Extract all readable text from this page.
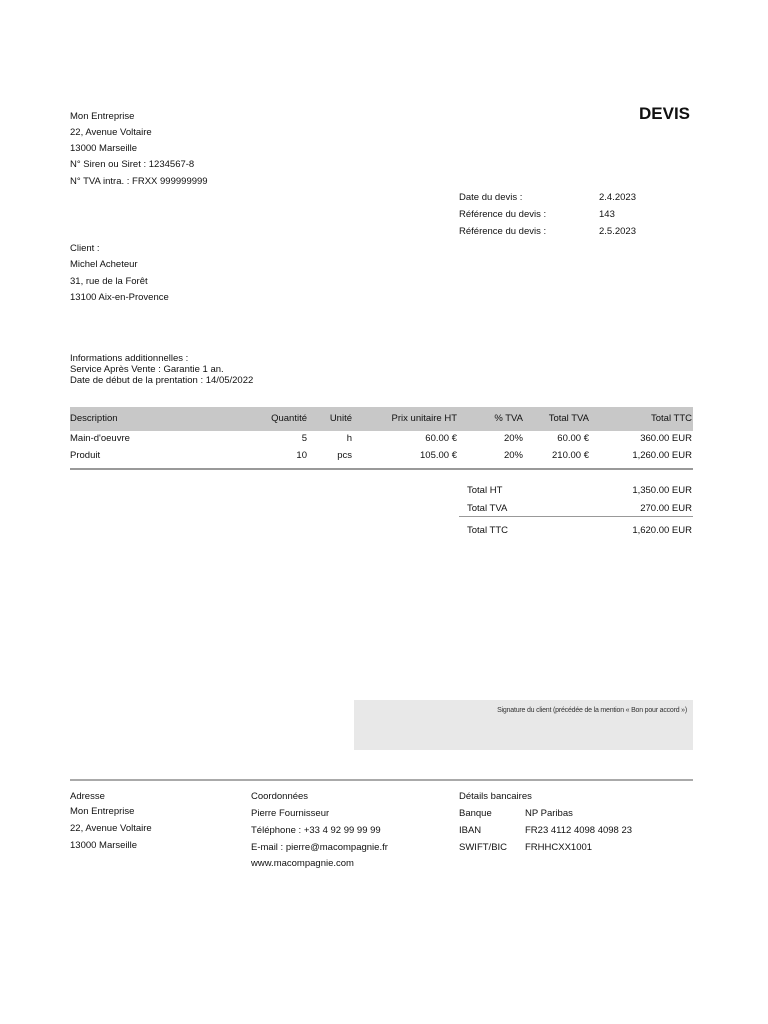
DEVIS
Mon Entreprise
22, Avenue Voltaire
13000 Marseille
N° Siren ou Siret : 1234567-8
N° TVA intra. : FRXX 999999999
Date du devis :	2.4.2023
Référence du devis :	143
Référence du devis :	2.5.2023
Client :
Michel Acheteur
31, rue de la Forêt
13100 Aix-en-Provence
Informations additionnelles :
Service Après Vente : Garantie 1 an.
Date de début de la prentation : 14/05/2022
Description	Quantité	Unité	Prix unitaire HT	% TVA	Total TVA	Total TTC
Main-d'oeuvre	5	h	60.00 €	20%	60.00 €	360.00 EUR
Produit	10	pcs	105.00 €	20%	210.00 €	1,260.00 EUR
Total HT	1,350.00 EUR
Total TVA	270.00 EUR
Total TTC	1,620.00 EUR
Signature du client (précédée de la mention « Bon pour accord »)
Adresse
Mon Entreprise
22, Avenue Voltaire
13000 Marseille
Coordonnées
Pierre Fournisseur
Téléphone : +33 4 92 99 99 99
E-mail : pierre@macompagnie.fr
www.macompagnie.com
Détails bancaires
Banque	NP Paribas
IBAN	FR23 4112 4098 4098 23
SWIFT/BIC FRHHCXX1001
